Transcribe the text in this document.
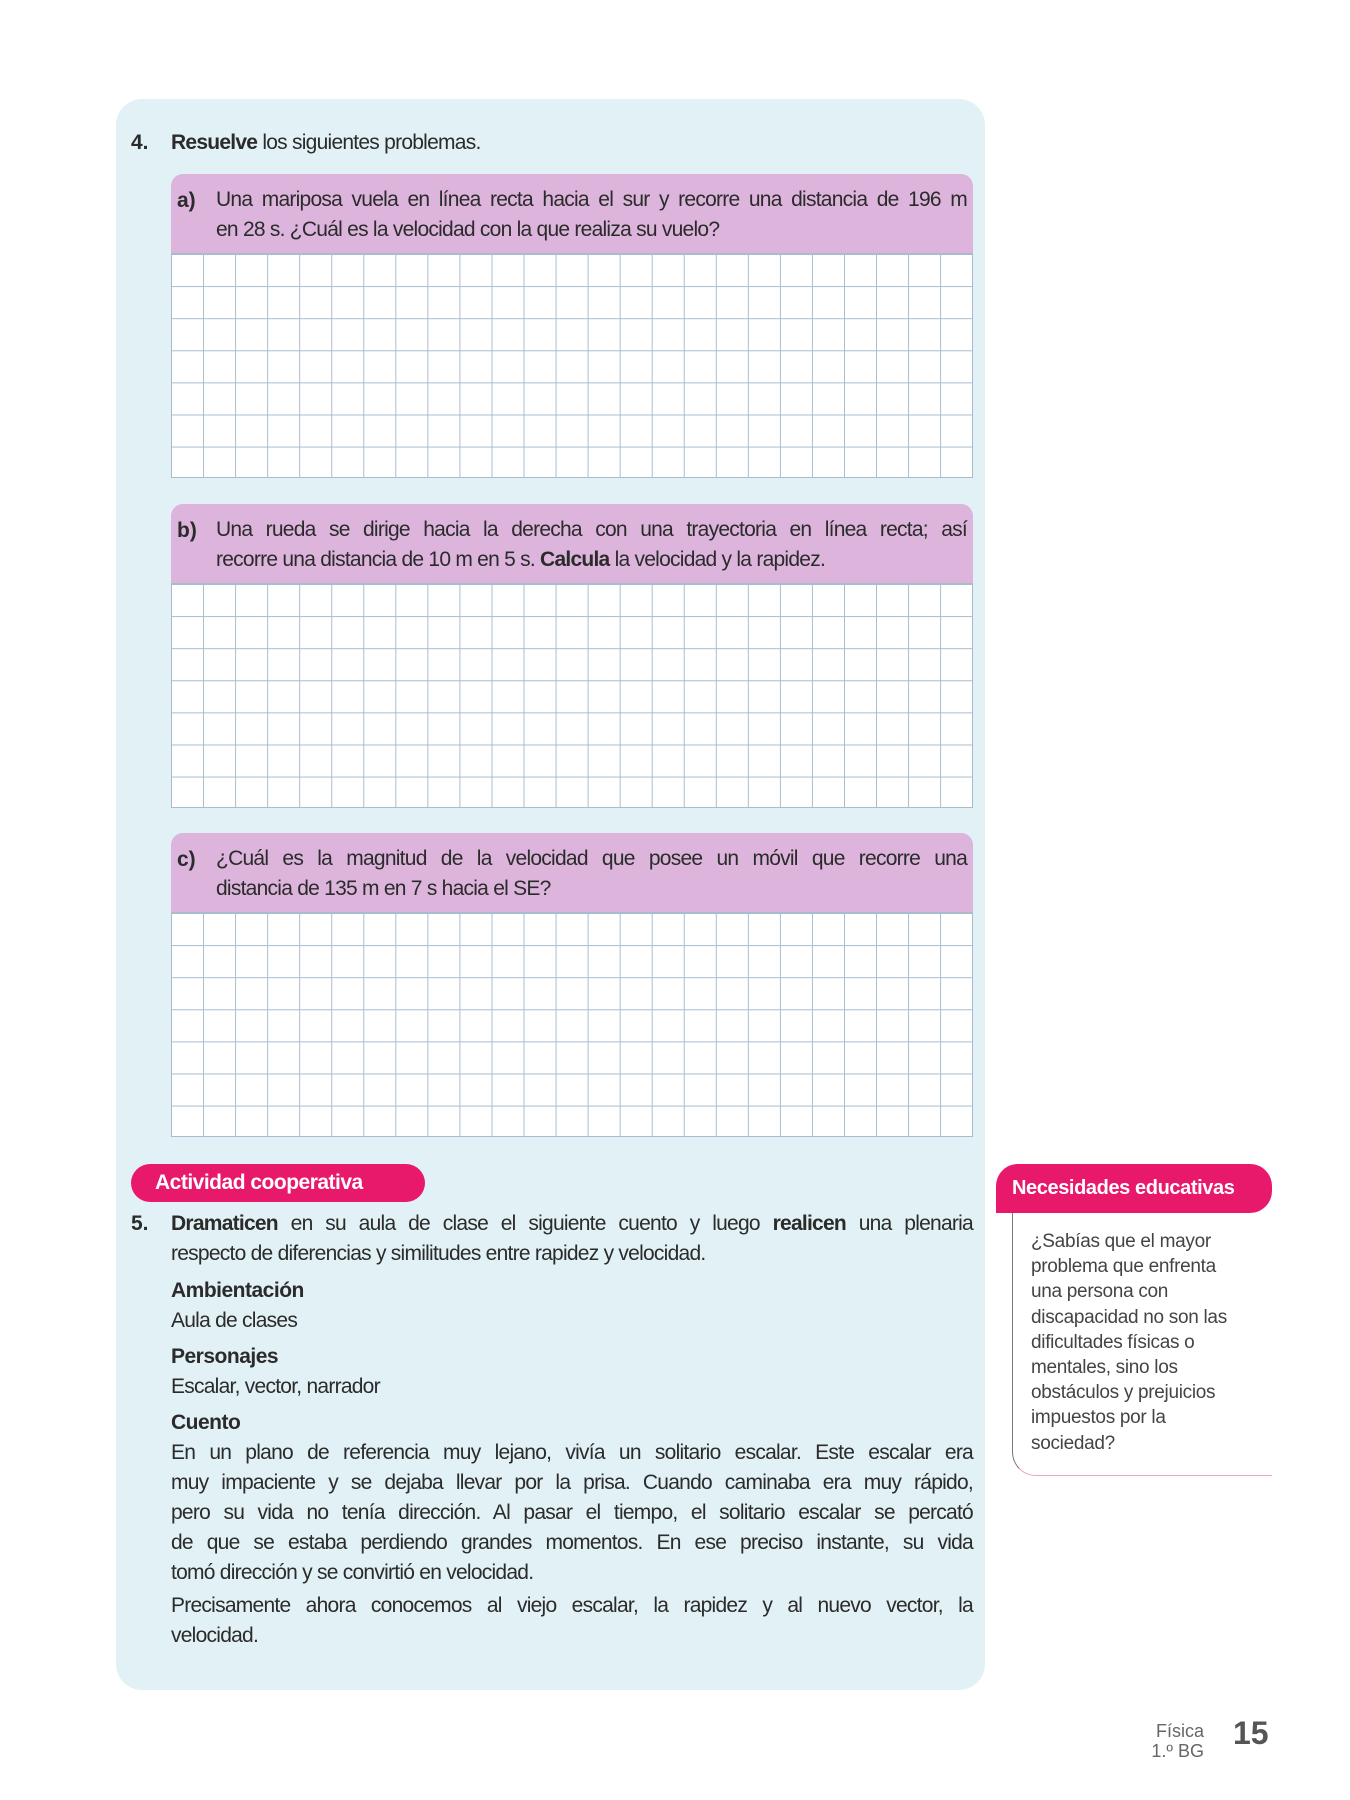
4. Resuelve los siguientes problemas.
a) Una mariposa vuela en línea recta hacia el sur y recorre una distancia de 196 m
en 28 s. ¿Cuál es la velocidad con la que realiza su vuelo?
b) Una rueda se dirige hacia la derecha con una trayectoria en línea recta; así
recorre una distancia de 10 m en 5 s. Calcula la velocidad y la rapidez.
c) ¿Cuál es la magnitud de la velocidad que posee un móvil que recorre una
distancia de 135 m en 7 s hacia el SE?
Actividad cooperativa
5. Dramaticen en su aula de clase el siguiente cuento y luego realicen una plenaria
respecto de diferencias y similitudes entre rapidez y velocidad.
Ambientación
Aula de clases
Personajes
Escalar, vector, narrador
Cuento
En un plano de referencia muy lejano, vivía un solitario escalar. Este escalar era
muy impaciente y se dejaba llevar por la prisa. Cuando caminaba era muy rápido,
pero su vida no tenía dirección. Al pasar el tiempo, el solitario escalar se percató
de que se estaba perdiendo grandes momentos. En ese preciso instante, su vida
tomó dirección y se convirtió en velocidad.
Precisamente ahora conocemos al viejo escalar, la rapidez y al nuevo vector, la
velocidad.
Necesidades educativas
¿Sabías que el mayor
problema que enfrenta
una persona con
discapacidad no son las
dificultades físicas o
mentales, sino los
obstáculos y prejuicios
impuestos por la
sociedad?
Física
1.º BG 15
